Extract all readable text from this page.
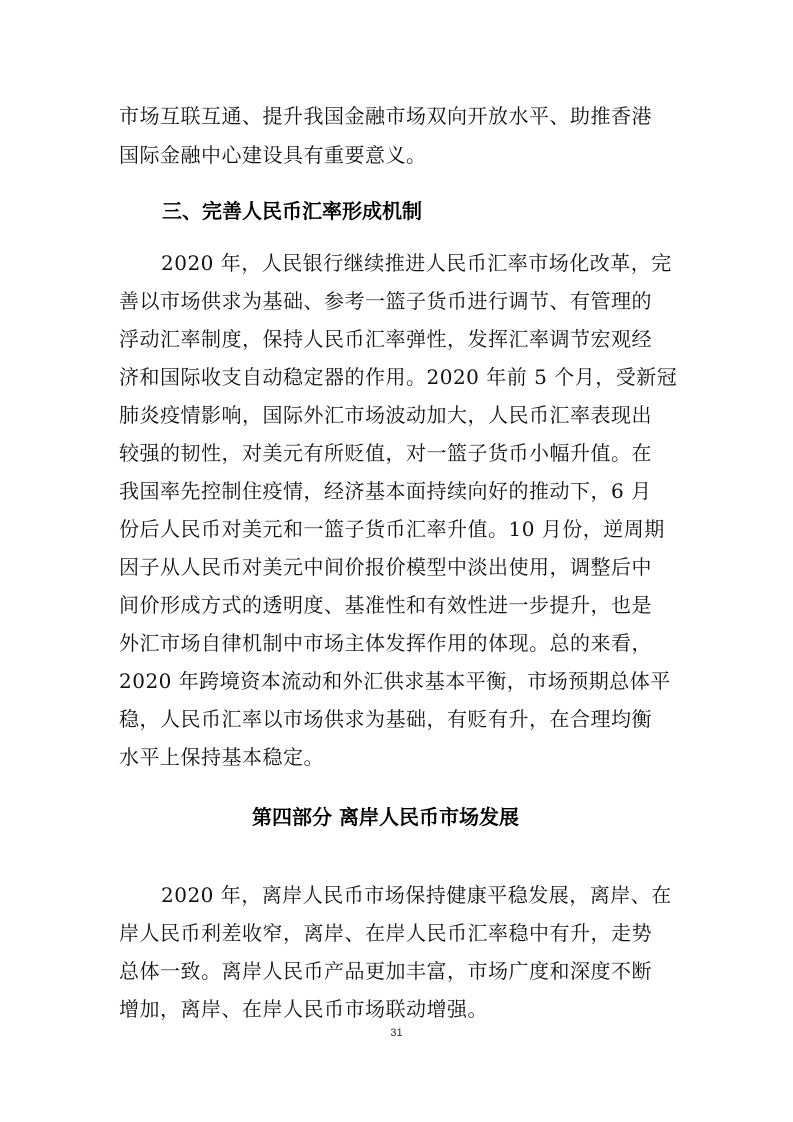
市场互联互通、提升我国金融市场双向开放水平、助推香港
国际金融中心建设具有重要意义。
三、完善人民币汇率形成机制
2020 年，人民银行继续推进人民币汇率市场化改革，完
善以市场供求为基础、参考一篮子货币进行调节、有管理的
浮动汇率制度，保持人民币汇率弹性，发挥汇率调节宏观经
济和国际收支自动稳定器的作用。2020 年前 5 个月，受新冠
肺炎疫情影响，国际外汇市场波动加大，人民币汇率表现出
较强的韧性，对美元有所贬值，对一篮子货币小幅升值。在
我国率先控制住疫情，经济基本面持续向好的推动下，6 月
份后人民币对美元和一篮子货币汇率升值。10 月份，逆周期
因子从人民币对美元中间价报价模型中淡出使用，调整后中
间价形成方式的透明度、基准性和有效性进一步提升，也是
外汇市场自律机制中市场主体发挥作用的体现。总的来看，
2020 年跨境资本流动和外汇供求基本平衡，市场预期总体平
稳，人民币汇率以市场供求为基础，有贬有升，在合理均衡
水平上保持基本稳定。
第四部分 离岸人民币市场发展
2020 年，离岸人民币市场保持健康平稳发展，离岸、在
岸人民币利差收窄，离岸、在岸人民币汇率稳中有升，走势
总体一致。离岸人民币产品更加丰富，市场广度和深度不断
增加，离岸、在岸人民币市场联动增强。
31
